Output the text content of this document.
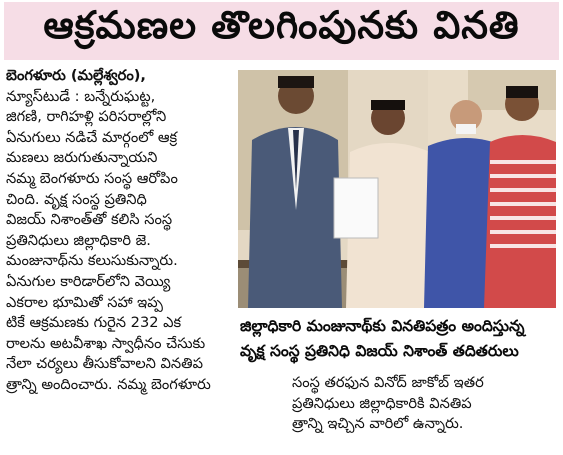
ఆక్రమణల తొలగింపునకు వినతి
బెంగళూరు (మల్లేశ్వరం),
న్యూస్‌టుడే : బన్నేరుఘట్ట,
జిగణి, రాగిహళ్లి పరిసరాల్లోని
ఏనుగులు నడిచే మార్గంలో ఆక్ర
మణలు జరుగుతున్నాయని
నమ్మ బెంగళూరు సంస్థ ఆరోపిం
చింది. వృక్ష సంస్థ ప్రతినిధి
విజయ్ నిశాంత్‌తో కలిసి సంస్థ
ప్రతినిధులు జిల్లాధికారి జె.
మంజునాథ్‌ను కలుసుకున్నారు.
ఏనుగుల కారిడార్‌లోని వెయ్యి
ఎకరాల భూమితో సహా ఇప్ప
టికే ఆక్రమణకు గురైన 232 ఎక
రాలను అటవీశాఖ స్వాధీనం చేసుకు
నేలా చర్యలు తీసుకోవాలని వినతిప
త్రాన్ని అందించారు. నమ్మ బెంగళూరు
జిల్లాధికారి మంజునాథ్‌కు వినతిపత్రం అందిస్తున్న
వృక్ష సంస్థ ప్రతినిధి విజయ్ నిశాంత్ తదితరులు
సంస్థ తరఫున వినోద్ జాకోబ్ ఇతర
ప్రతినిధులు జిల్లాధికారికి వినతిప
త్రాన్ని ఇచ్చిన వారిలో ఉన్నారు.
